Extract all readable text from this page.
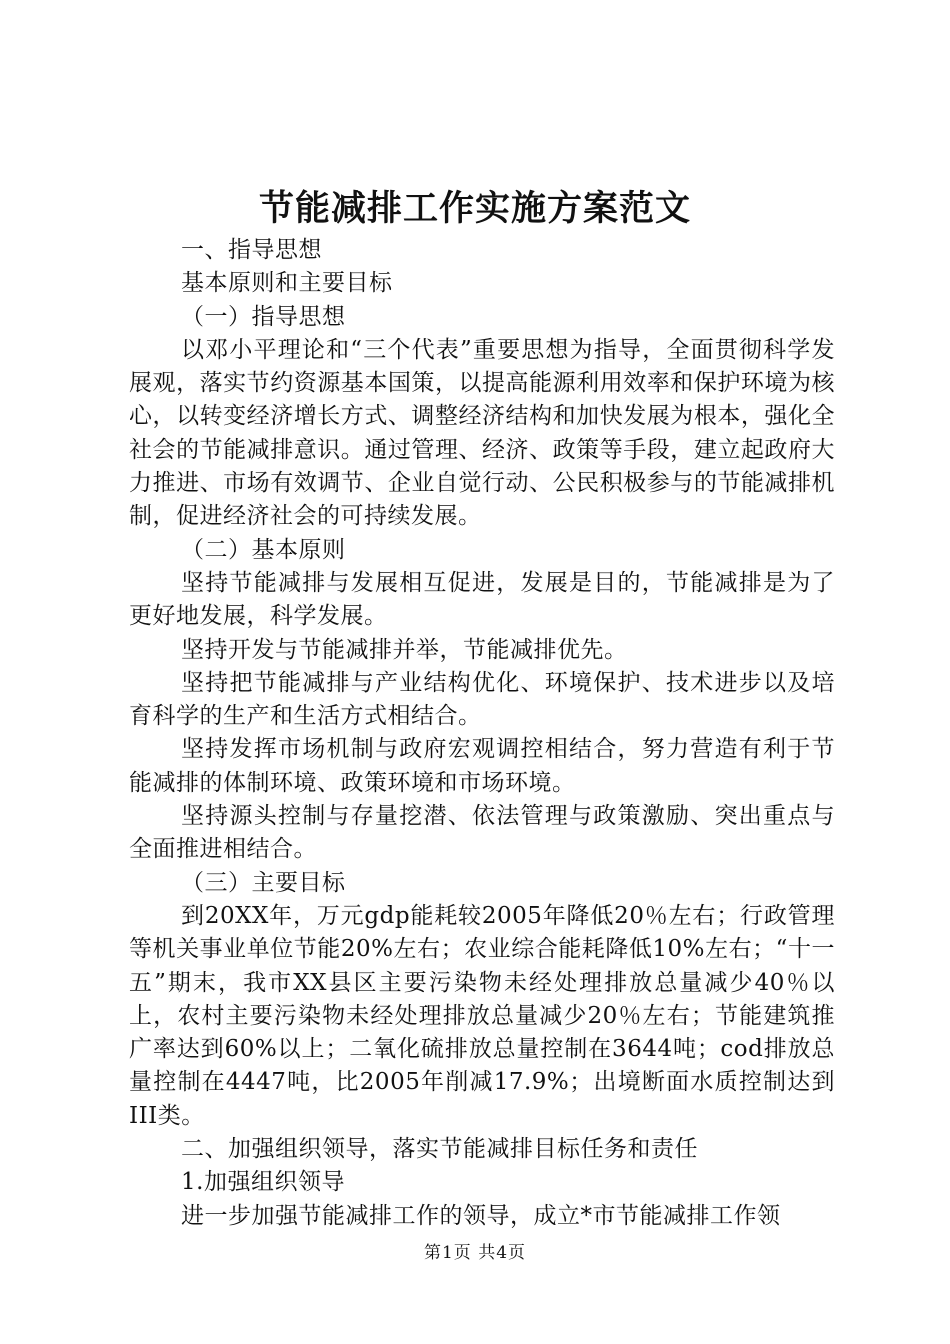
节能减排工作实施方案范文

一、指导思想

基本原则和主要目标

（一）指导思想

以邓小平理论和“三个代表”重要思想为指导，全面贯彻科学发展观，落实节约资源基本国策，以提高能源利用效率和保护环境为核心，以转变经济增长方式、调整经济结构和加快发展为根本，强化全社会的节能减排意识。通过管理、经济、政策等手段，建立起政府大力推进、市场有效调节、企业自觉行动、公民积极参与的节能减排机制，促进经济社会的可持续发展。

（二）基本原则

坚持节能减排与发展相互促进，发展是目的，节能减排是为了更好地发展，科学发展。

坚持开发与节能减排并举，节能减排优先。

坚持把节能减排与产业结构优化、环境保护、技术进步以及培育科学的生产和生活方式相结合。

坚持发挥市场机制与政府宏观调控相结合，努力营造有利于节能减排的体制环境、政策环境和市场环境。

坚持源头控制与存量挖潜、依法管理与政策激励、突出重点与全面推进相结合。

（三）主要目标

到20XX年，万元gdp能耗较2005年降低20％左右；行政管理等机关事业单位节能20%左右；农业综合能耗降低10%左右；“十一五”期末，我市XX县区主要污染物未经处理排放总量减少40％以上，农村主要污染物未经处理排放总量减少20％左右；节能建筑推广率达到60%以上；二氧化硫排放总量控制在3644吨；cod排放总量控制在4447吨，比2005年削减17.9%；出境断面水质控制达到III类。

二、加强组织领导，落实节能减排目标任务和责任

1.加强组织领导

进一步加强节能减排工作的领导，成立*市节能减排工作领

第1页 共4页
